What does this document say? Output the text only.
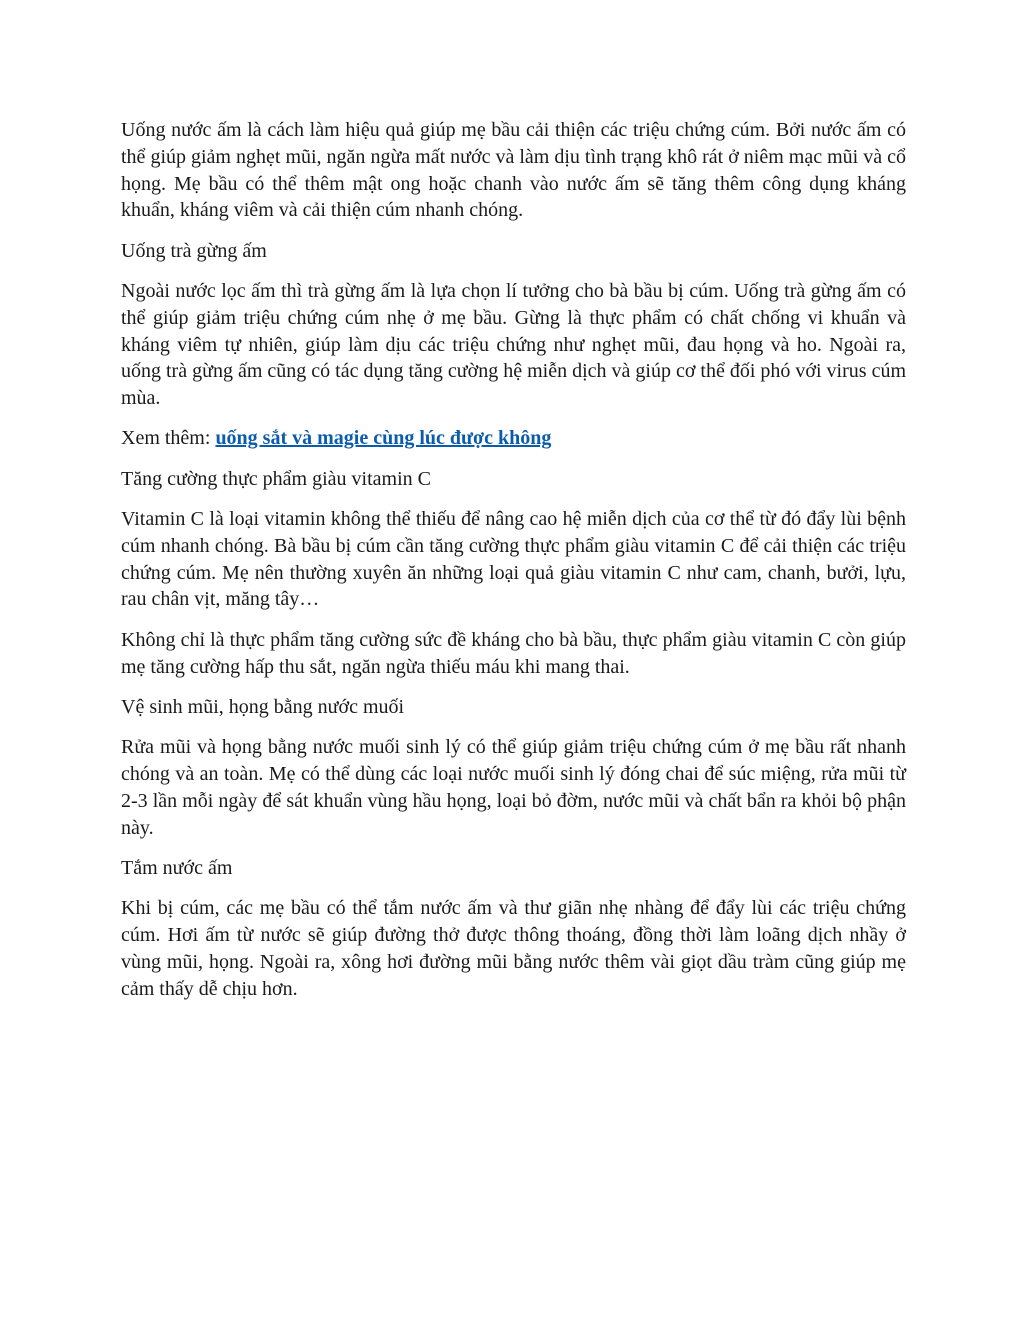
Uống nước ấm là cách làm hiệu quả giúp mẹ bầu cải thiện các triệu chứng cúm. Bởi nước ấm có thể giúp giảm nghẹt mũi, ngăn ngừa mất nước và làm dịu tình trạng khô rát ở niêm mạc mũi và cổ họng. Mẹ bầu có thể thêm mật ong hoặc chanh vào nước ấm sẽ tăng thêm công dụng kháng khuẩn, kháng viêm và cải thiện cúm nhanh chóng.

Uống trà gừng ấm

Ngoài nước lọc ấm thì trà gừng ấm là lựa chọn lí tưởng cho bà bầu bị cúm. Uống trà gừng ấm có thể giúp giảm triệu chứng cúm nhẹ ở mẹ bầu. Gừng là thực phẩm có chất chống vi khuẩn và kháng viêm tự nhiên, giúp làm dịu các triệu chứng như nghẹt mũi, đau họng và ho. Ngoài ra, uống trà gừng ấm cũng có tác dụng tăng cường hệ miễn dịch và giúp cơ thể đối phó với virus cúm mùa.

Xem thêm: uống sắt và magie cùng lúc được không

Tăng cường thực phẩm giàu vitamin C

Vitamin C là loại vitamin không thể thiếu để nâng cao hệ miễn dịch của cơ thể từ đó đẩy lùi bệnh cúm nhanh chóng. Bà bầu bị cúm cần tăng cường thực phẩm giàu vitamin C để cải thiện các triệu chứng cúm. Mẹ nên thường xuyên ăn những loại quả giàu vitamin C như cam, chanh, bưởi, lựu, rau chân vịt, măng tây…

Không chỉ là thực phẩm tăng cường sức đề kháng cho bà bầu, thực phẩm giàu vitamin C còn giúp mẹ tăng cường hấp thu sắt, ngăn ngừa thiếu máu khi mang thai.

Vệ sinh mũi, họng bằng nước muối

Rửa mũi và họng bằng nước muối sinh lý có thể giúp giảm triệu chứng cúm ở mẹ bầu rất nhanh chóng và an toàn. Mẹ có thể dùng các loại nước muối sinh lý đóng chai để súc miệng, rửa mũi từ 2-3 lần mỗi ngày để sát khuẩn vùng hầu họng, loại bỏ đờm, nước mũi và chất bẩn ra khỏi bộ phận này.

Tắm nước ấm

Khi bị cúm, các mẹ bầu có thể tắm nước ấm và thư giãn nhẹ nhàng để đẩy lùi các triệu chứng cúm. Hơi ấm từ nước sẽ giúp đường thở được thông thoáng, đồng thời làm loãng dịch nhầy ở vùng mũi, họng. Ngoài ra, xông hơi đường mũi bằng nước thêm vài giọt dầu tràm cũng giúp mẹ cảm thấy dễ chịu hơn.
